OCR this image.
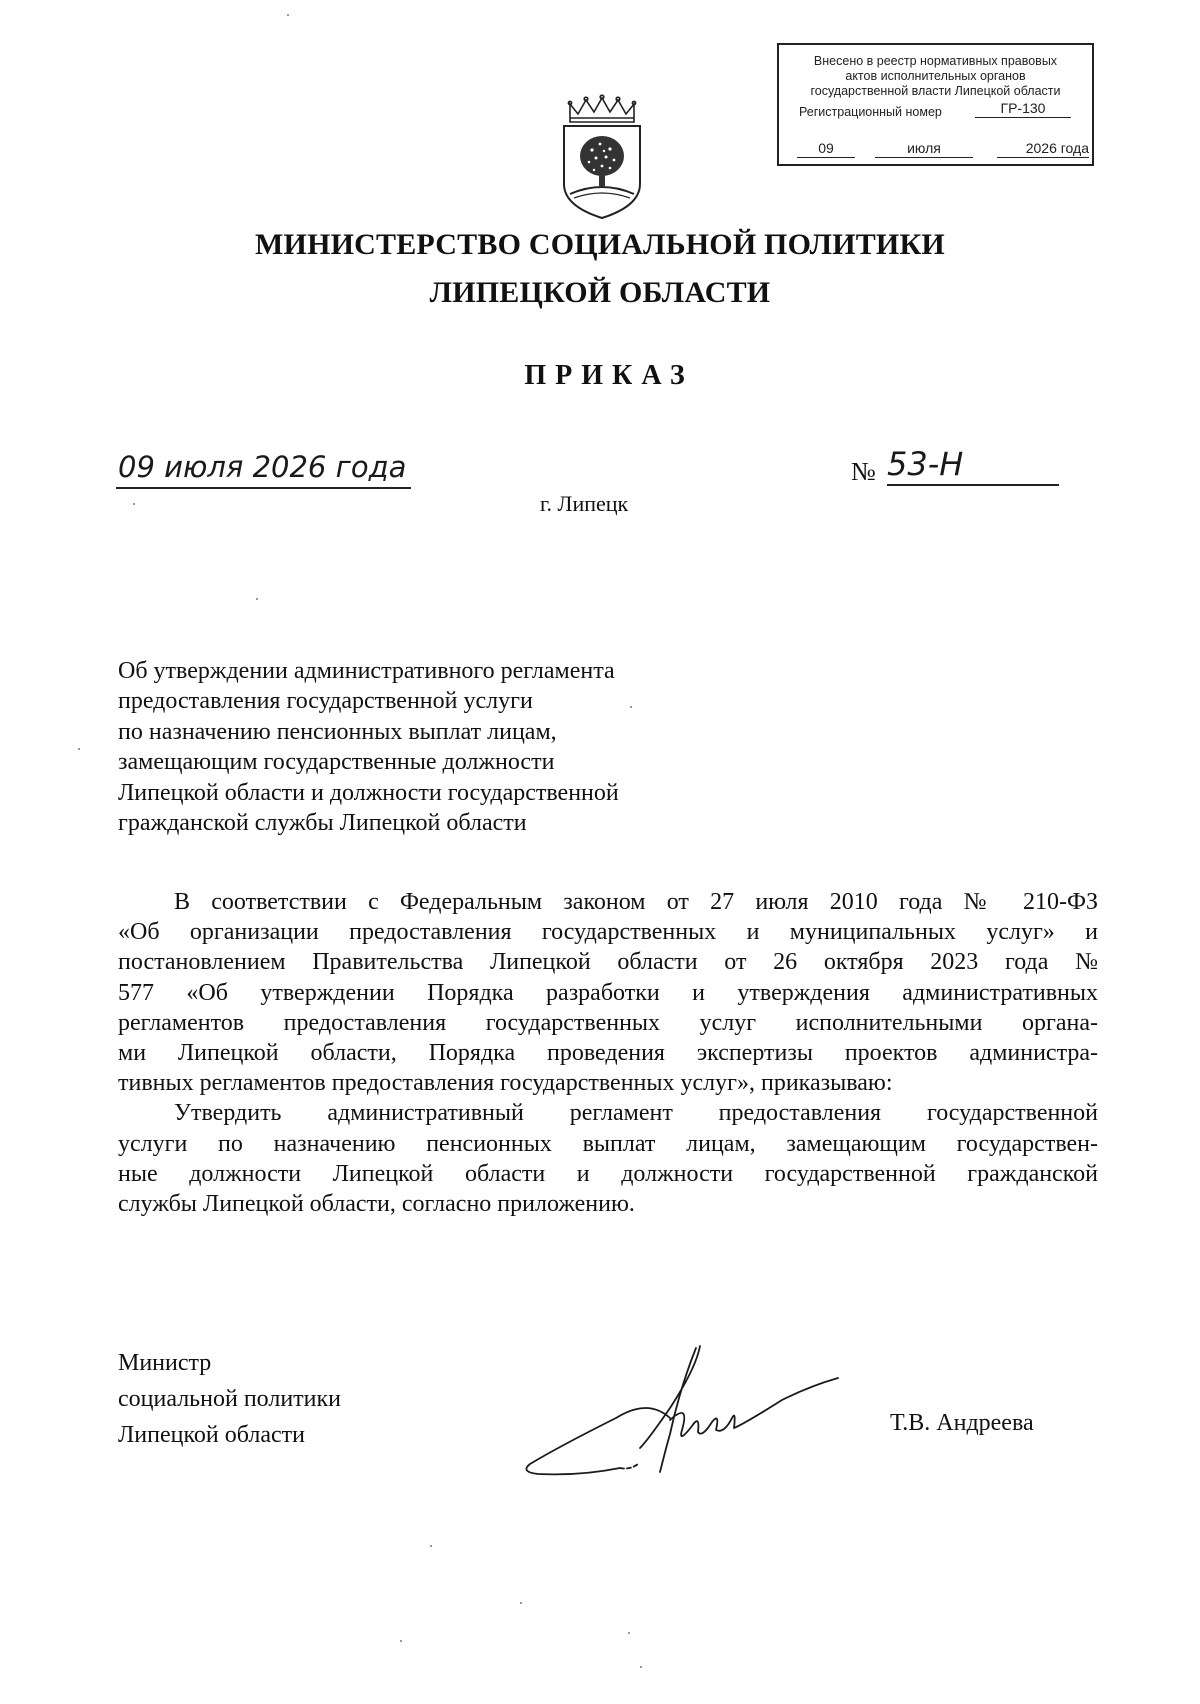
Внесено в реестр нормативных правовых
актов исполнительных органов
государственной власти Липецкой области
Регистрационный номер	ГР-130
09	июля	2026 года
МИНИСТЕРСТВО СОЦИАЛЬНОЙ ПОЛИТИКИ
ЛИПЕЦКОЙ ОБЛАСТИ
ПРИКАЗ
09 июля 2026 года
г. Липецк
№ 53-Н
Об утверждении административного регламента
предоставления государственной услуги
по назначению пенсионных выплат лицам,
замещающим государственные должности
Липецкой области и должности государственной
гражданской службы Липецкой области
В соответствии с Федеральным законом от 27 июля 2010 года № 210-ФЗ
«Об организации предоставления государственных и муниципальных услуг» и
постановлением Правительства Липецкой области от 26 октября 2023 года №
577 «Об утверждении Порядка разработки и утверждения административных
регламентов предоставления государственных услуг исполнительными органа-
ми Липецкой области, Порядка проведения экспертизы проектов администра-
тивных регламентов предоставления государственных услуг», приказываю:
Утвердить административный регламент предоставления государственной
услуги по назначению пенсионных выплат лицам, замещающим государствен-
ные должности Липецкой области и должности государственной гражданской
службы Липецкой области, согласно приложению.
Министр
социальной политики
Липецкой области	Т.В. Андреева
